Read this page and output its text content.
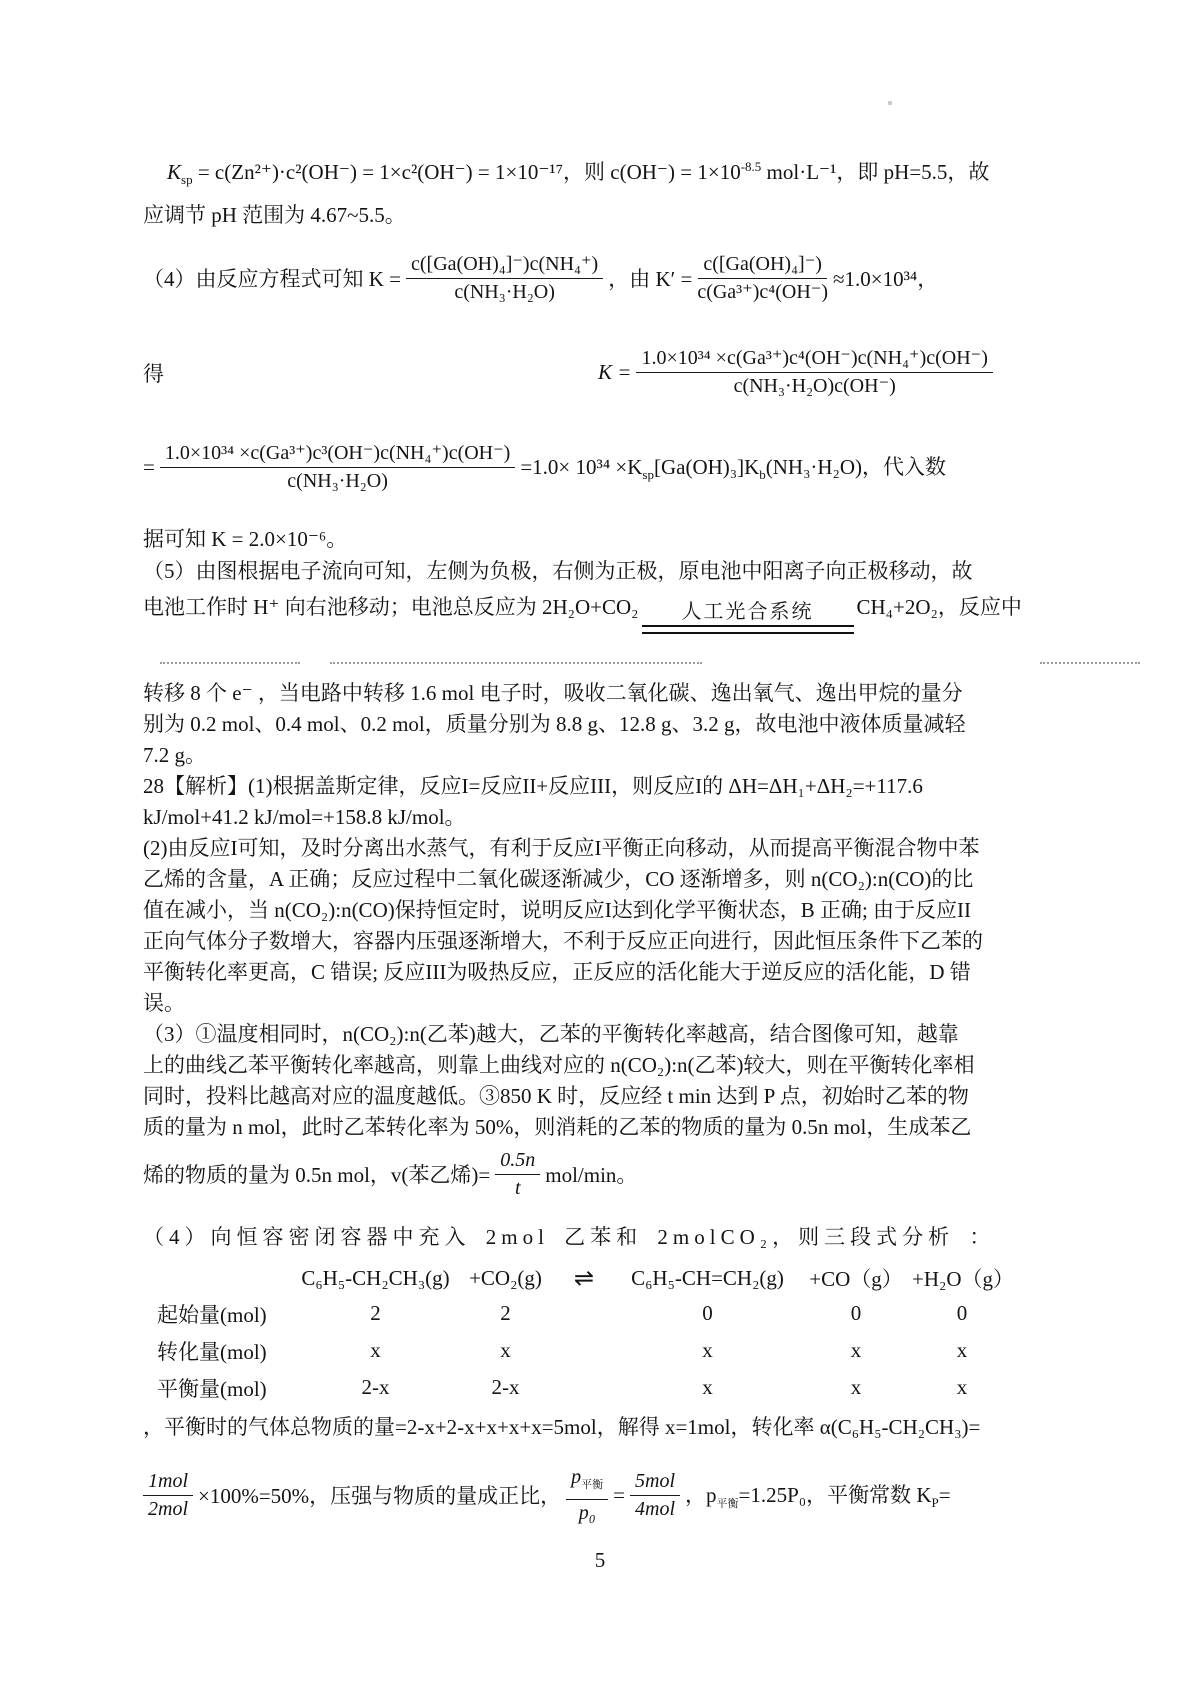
$K_{sp} = c(Zn^{2+})\cdot c^2(OH^-) = 1\times c^2(OH^-) = 1\times 10^{-17}$，则 $c(OH^-) = 1\times 10^{-8.5}$ mol·L⁻¹，即 pH=5.5，故
应调节 pH 范围为 4.67~5.5。
（4）由反应方程式可知 $K = \frac{\text{c([Ga(OH)₄]⁻)c(NH₄⁺)}}{\text{c(NH₃·H₂O)}}$ ，由 $K' = \frac{\text{c([Ga(OH)₄]⁻)}}{\text{c(Ga³⁺)c⁴(OH⁻)}} \approx 1.0\times 10^{34}$，
得	$K = \frac{\text{1.0×10³⁴ ×c(Ga³⁺)c⁴(OH⁻)c(NH₄⁺)c(OH⁻)}}{\text{c(NH₃·H₂O)c(OH⁻)}}$
= $\frac{\text{1.0×10³⁴ ×c(Ga³⁺)c³(OH⁻)c(NH₄⁺)c(OH⁻)}}{\text{c(NH₃·H₂O)}} =1.0\times 10^{34} \times K_{sp}[Ga(OH)_3]K_b(NH_3\cdot H_2O)$，代入数
据可知 K = 2.0×10⁻⁶。
（5）由图根据电子流向可知，左侧为负极，右侧为正极，原电池中阳离子向正极移动，故
电池工作时 H⁺ 向右池移动；电池总反应为 2H₂O+CO₂ 人工光合系统 CH₄+2O₂，反应中
转移 8 个 e⁻ ，当电路中转移 1.6 mol 电子时，吸收二氧化碳、逸出氧气、逸出甲烷的量分
别为 0.2 mol、0.4 mol、0.2 mol，质量分别为 8.8 g、12.8 g、3.2 g，故电池中液体质量减轻
7.2 g。
28【解析】(1)根据盖斯定律，反应I=反应II+反应III，则反应I的 ΔH=ΔH₁+ΔH₂=+117.6
kJ/mol+41.2 kJ/mol=+158.8 kJ/mol。
(2)由反应I可知，及时分离出水蒸气，有利于反应I平衡正向移动，从而提高平衡混合物中苯
乙烯的含量，A 正确；反应过程中二氧化碳逐渐减少，CO 逐渐增多，则 n(CO₂):n(CO)的比
值在减小，当 n(CO₂):n(CO)保持恒定时，说明反应I达到化学平衡状态，B 正确; 由于反应II
正向气体分子数增大，容器内压强逐渐增大，不利于反应正向进行，因此恒压条件下乙苯的
平衡转化率更高，C 错误; 反应III为吸热反应，正反应的活化能大于逆反应的活化能，D 错
误。
（3）①温度相同时，n(CO₂):n(乙苯)越大，乙苯的平衡转化率越高，结合图像可知，越靠
上的曲线乙苯平衡转化率越高，则靠上曲线对应的 n(CO₂):n(乙苯)较大，则在平衡转化率相
同时，投料比越高对应的温度越低。③850 K 时，反应经 t min 达到 P 点，初始时乙苯的物
质的量为 n mol，此时乙苯转化率为 50%，则消耗的乙苯的物质的量为 0.5n mol，生成苯乙
烯的物质的量为 0.5n mol，v(苯乙烯)= $\frac{0.5n}{t} mol/\min$。
（4）向恒容密闭容器中充入 2mol 乙苯和 2molCO₂，则三段式分析 ：
C₆H₅-CH₂CH₃(g) +CO₂(g)	⇌	C₆H₅-CH=CH₂(g)	+CO（g） +H₂O（g）
起始量(mol)	2	2	0	0	0
转化量(mol)	x	x	x	x	x
平衡量(mol)	2-x	2-x	x	x	x
，平衡时的气体总物质的量=2-x+2-x+x+x+x=5mol，解得 x=1mol，转化率 α(C₆H₅-CH₂CH₃)=
$\frac{\text{1mol}}{\text{2mol}} \times 100\%=50\%$，压强与物质的量成正比， $\frac{p_{平衡}}{\text{p₀}} = \frac{\text{5mol}}{\text{4mol}}$ ，$p_{平衡}=1.25P_0$，平衡常数 $K_P=$
5
